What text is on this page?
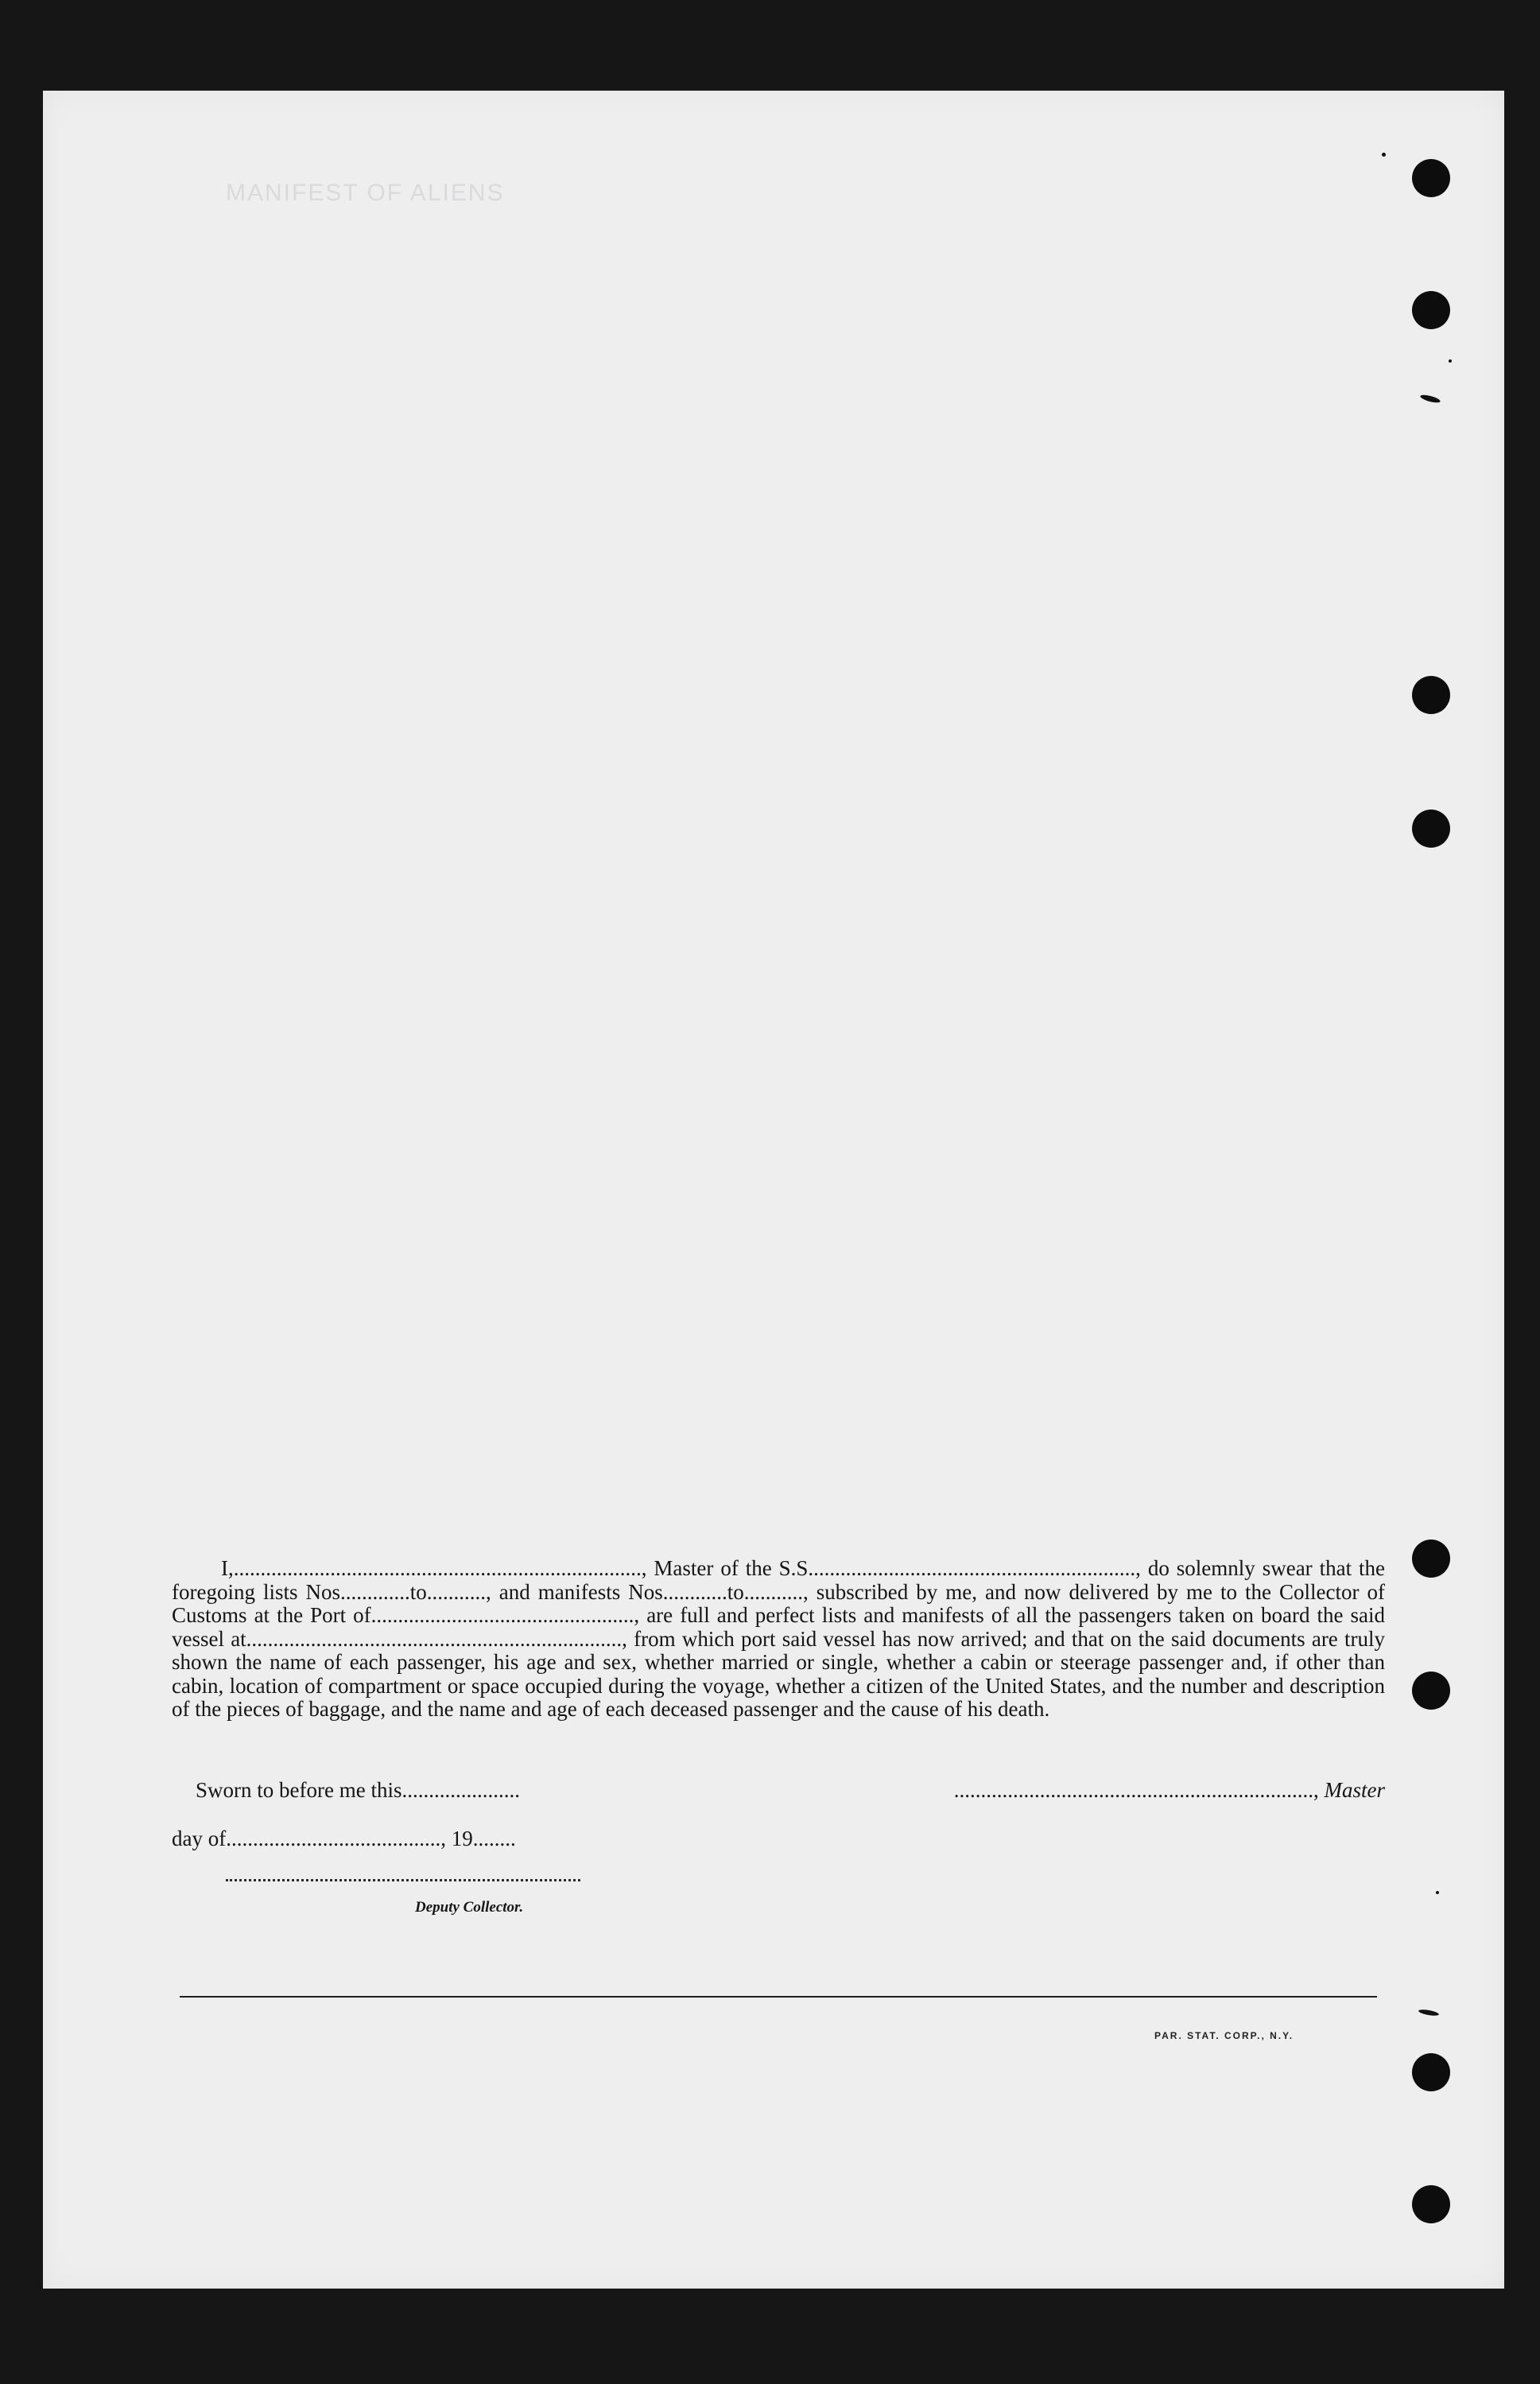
MANIFEST OF ALIENS
I,............................................................................, Master of the S.S............................................................., do solemnly swear that the foregoing lists Nos.............to..........., and manifests Nos............to..........., subscribed by me, and now delivered by me to the Collector of Customs at the Port of................................................., are full and perfect lists and manifests of all the passengers taken on board the said vessel at......................................................................, from which port said vessel has now arrived; and that on the said documents are truly shown the name of each passenger, his age and sex, whether married or single, whether a cabin or steerage passenger and, if other than cabin, location of compartment or space occupied during the voyage, whether a citizen of the United States, and the number and description of the pieces of baggage, and the name and age of each deceased passenger and the cause of his death.
Sworn to before me this......................	..................................................................., Master
day of........................................, 19........
Deputy Collector.
PAR. STAT. CORP., N.Y.
